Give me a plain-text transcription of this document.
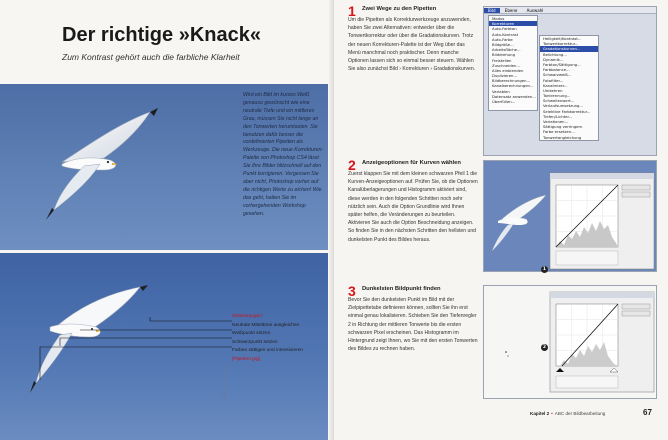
Der richtige »Knack«
Zum Kontrast gehört auch die farbliche Klarheit
Wird ein Bild im kurzes Weiß genauso gewünscht wie eine neutrale Tiefe und ein mittleres Grau, müssen Sie nicht lange an den Tonwerten herumtasten. Sie benutzen dafür besser die vordefinierten Pipetten als Werkzeuge. Die neue Korrekturen-Palette von Photoshop CS4 lässt Sie Ihre Bilder blitzschnell auf den Punkt korrigieren. Vergessen Sie aber nicht, Photoshop vorher auf die richtigen Werte zu eichen! Wie das geht, hatten Sie im vorhergehenden Workshop gesehen.
Zielsetzungen:
Neutrale Mitteltöne ausgleichen
Weißpunkt setzen
Schwarzpunkt setzen
Farben sättigen und intensivieren
[Pipetten.jpg]
Foto: Nadja Jasche
1 Zwei Wege zu den Pipetten
Um die Pipetten als Korrekturwerkzeuge anzuwenden, haben Sie zwei Alternativen: entweder über die Tonwertkorrektur oder über die Gradationskurven. Trotz der neuen Korrekturen-Palette ist der Weg über das Menü manchmal noch praktischer. Denn manche Optionen lassen sich so einmal besser steuern. Wählen Sie also zunächst Bild › Korrekturen › Gradationskurven.
2 Anzeigeoptionen für Kurven wählen
Zuerst klappen Sie mit dem kleinen schwarzen Pfeil 1 die Kurven-Anzeigeoptionen auf. Prüfen Sie, ob die Optionen Kanalüberlagerungen und Histogramm aktiviert sind, diese werden in den folgenden Schritten noch sehr nützlich sein. Auch die Option Grundlinie wird Ihnen später helfen, die Veränderungen zu beurteilen. Aktivieren Sie auch die Option Beschneidung anzeigen. So finden Sie in den nächsten Schritten den hellsten und dunkelsten Punkt des Bildes heraus.
3 Dunkelsten Bildpunkt finden
Bevor Sie den dunkelsten Punkt im Bild mit der Zielpipettetabe definieren können, sollten Sie ihn erst einmal genau lokalisieren. Schieben Sie den Tiefenregler 2 in Richtung der mittleren Tonwerte bis die ersten schwarzen Pixel erscheinen. Das Histogramm im Hintergrund zeigt Ihnen, wo Sie mit den ersten Tonwerten des Bildes zu rechnen haben.
Bild Ebene Auswahl
Modus
Korrekturen
Auto-Farbton
Auto-Kontrast
Auto-Farbe
Bildgröße...
Arbeitsfläche...
Bilddrehung
Freistellen
Zuschneiden...
Alles einblenden
Duplizieren...
Bildberechnungen...
Kanalberechnungen...
Variablen
Datensatz anwenden...
Überfüllen...
Helligkeit/Kontrast...
Tonwertkorrektur...
Gradationskurven...
Belichtung...
Dynamik...
Farbton/Sättigung...
Farbbalance...
Schwarzweiß...
Fotofilter...
Kanalmixer...
Umkehren
Tontrennung...
Schwellenwert...
Verlaufsumsetzung...
Selektive Farbkorrektur...
Tiefen/Lichter...
Variationen...
Sättigung verringern
Farbe ersetzen...
Tonwertangleichung
1
2
Kapitel 2 • ABC der Bildbearbeitung	67
